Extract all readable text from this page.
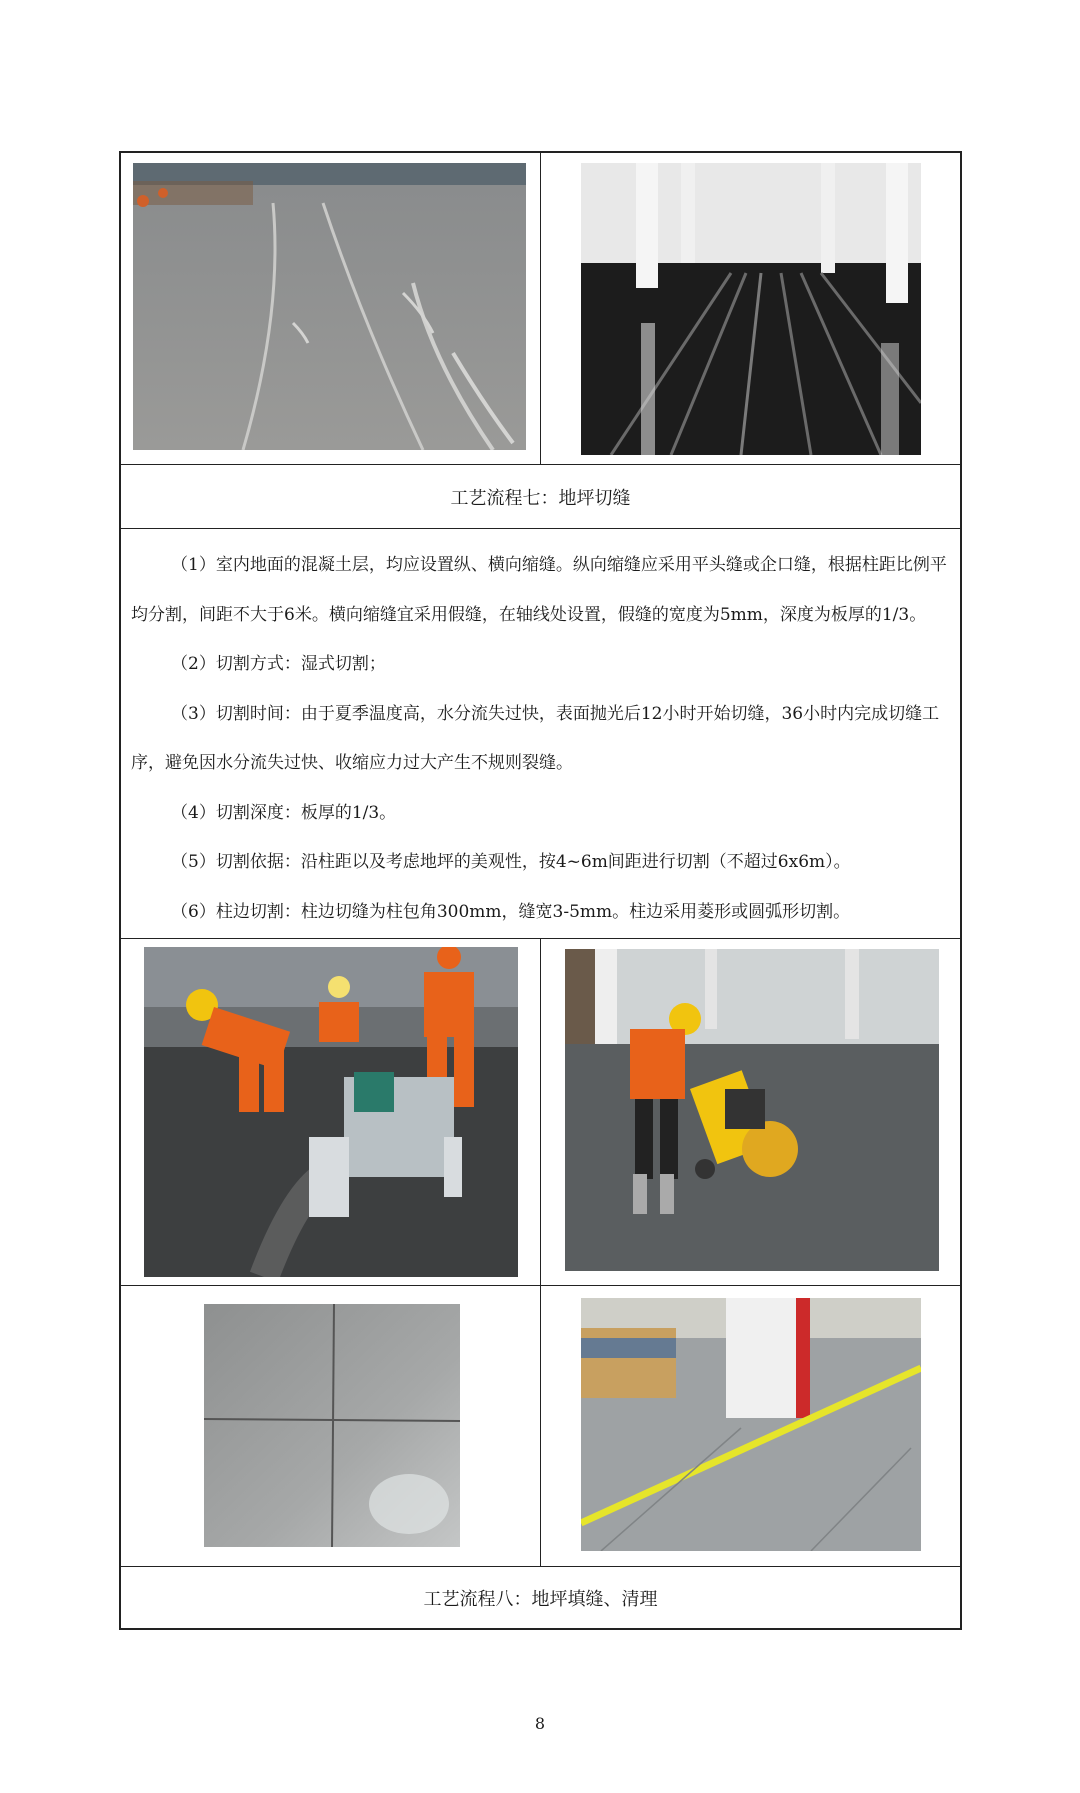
工艺流程七：地坪切缝

（1）室内地面的混凝土层，均应设置纵、横向缩缝。纵向缩缝应采用平头缝或企口缝，根据柱距比例平均分割，间距不大于6米。横向缩缝宜采用假缝，在轴线处设置，假缝的宽度为5mm，深度为板厚的1/3。

（2）切割方式：湿式切割；

（3）切割时间：由于夏季温度高，水分流失过快，表面抛光后12小时开始切缝，36小时内完成切缝工序，避免因水分流失过快、收缩应力过大产生不规则裂缝。

（4）切割深度：板厚的1/3。

（5）切割依据：沿柱距以及考虑地坪的美观性，按4~6m间距进行切割（不超过6x6m）。

（6）柱边切割：柱边切缝为柱包角300mm，缝宽3-5mm。柱边采用菱形或圆弧形切割。

工艺流程八：地坪填缝、清理
8
